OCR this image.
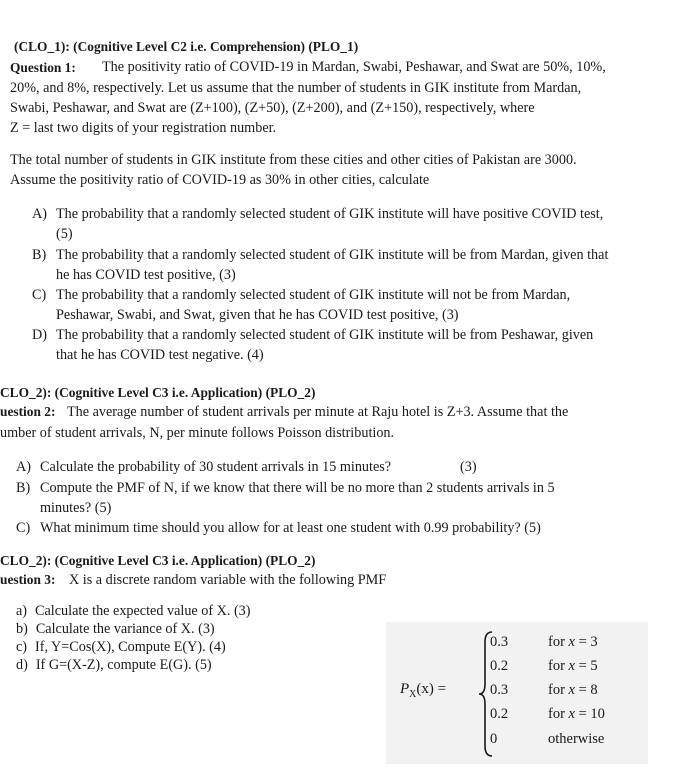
(CLO_1): (Cognitive Level C2 i.e. Comprehension) (PLO_1)
Question 1: The positivity ratio of COVID-19 in Mardan, Swabi, Peshawar, and Swat are 50%, 10%,
20%, and 8%, respectively. Let us assume that the number of students in GIK institute from Mardan,
Swabi, Peshawar, and Swat are (Z+100), (Z+50), (Z+200), and (Z+150), respectively, where
Z = last two digits of your registration number.
The total number of students in GIK institute from these cities and other cities of Pakistan are 3000.
Assume the positivity ratio of COVID-19 as 30% in other cities, calculate
A) The probability that a randomly selected student of GIK institute will have positive COVID test,
(5)
B) The probability that a randomly selected student of GIK institute will be from Mardan, given that
he has COVID test positive, (3)
C) The probability that a randomly selected student of GIK institute will not be from Mardan,
Peshawar, Swabi, and Swat, given that he has COVID test positive, (3)
D) The probability that a randomly selected student of GIK institute will be from Peshawar, given
that he has COVID test negative. (4)
CLO_2): (Cognitive Level C3 i.e. Application) (PLO_2)
uestion 2: The average number of student arrivals per minute at Raju hotel is Z+3. Assume that the
umber of student arrivals, N, per minute follows Poisson distribution.
A) Calculate the probability of 30 student arrivals in 15 minutes?	(3)
B) Compute the PMF of N, if we know that there will be no more than 2 students arrivals in 5
minutes? (5)
C) What minimum time should you allow for at least one student with 0.99 probability? (5)
CLO_2): (Cognitive Level C3 i.e. Application) (PLO_2)
uestion 3: X is a discrete random variable with the following PMF
a) Calculate the expected value of X. (3)
b) Calculate the variance of X. (3)
c) If, Y=Cos(X), Compute E(Y). (4)
d) If G=(X-Z), compute E(G). (5)
$P_X(x)$ =
0.3	for x = 3
0.2	for x = 5
0.3	for x = 8
0.2	for x = 10
0	otherwise
